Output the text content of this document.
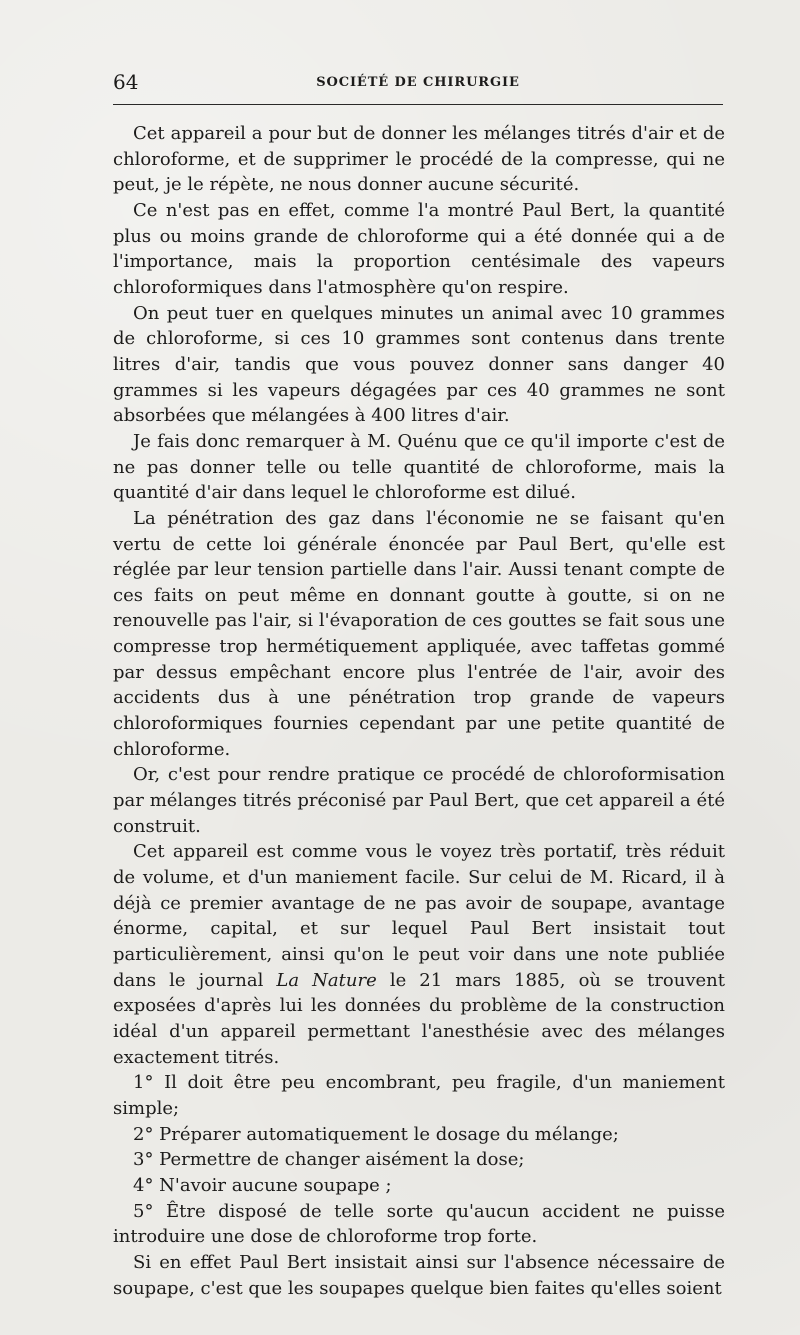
64	SOCIÉTÉ DE CHIRURGIE

Cet appareil a pour but de donner les mélanges titrés d'air et de chloroforme, et de supprimer le procédé de la compresse, qui ne peut, je le répète, ne nous donner aucune sécurité.

Ce n'est pas en effet, comme l'a montré Paul Bert, la quantité plus ou moins grande de chloroforme qui a été donnée qui a de l'importance, mais la proportion centésimale des vapeurs chloroformiques dans l'atmosphère qu'on respire.

On peut tuer en quelques minutes un animal avec 10 grammes de chloroforme, si ces 10 grammes sont contenus dans trente litres d'air, tandis que vous pouvez donner sans danger 40 grammes si les vapeurs dégagées par ces 40 grammes ne sont absorbées que mélangées à 400 litres d'air.

Je fais donc remarquer à M. Quénu que ce qu'il importe c'est de ne pas donner telle ou telle quantité de chloroforme, mais la quantité d'air dans lequel le chloroforme est dilué.

La pénétration des gaz dans l'économie ne se faisant qu'en vertu de cette loi générale énoncée par Paul Bert, qu'elle est réglée par leur tension partielle dans l'air. Aussi tenant compte de ces faits on peut même en donnant goutte à goutte, si on ne renouvelle pas l'air, si l'évaporation de ces gouttes se fait sous une compresse trop hermétiquement appliquée, avec taffetas gommé par dessus empêchant encore plus l'entrée de l'air, avoir des accidents dus à une pénétration trop grande de vapeurs chloroformiques fournies cependant par une petite quantité de chloroforme.

Or, c'est pour rendre pratique ce procédé de chloroformisation par mélanges titrés préconisé par Paul Bert, que cet appareil a été construit.

Cet appareil est comme vous le voyez très portatif, très réduit de volume, et d'un maniement facile. Sur celui de M. Ricard, il à déjà ce premier avantage de ne pas avoir de soupape, avantage énorme, capital, et sur lequel Paul Bert insistait tout particulièrement, ainsi qu'on le peut voir dans une note publiée dans le journal La Nature le 21 mars 1885, où se trouvent exposées d'après lui les données du problème de la construction idéal d'un appareil permettant l'anesthésie avec des mélanges exactement titrés.

1° Il doit être peu encombrant, peu fragile, d'un maniement simple;

2° Préparer automatiquement le dosage du mélange;

3° Permettre de changer aisément la dose;

4° N'avoir aucune soupape ;

5° Être disposé de telle sorte qu'aucun accident ne puisse introduire une dose de chloroforme trop forte.

Si en effet Paul Bert insistait ainsi sur l'absence nécessaire de soupape, c'est que les soupapes quelque bien faites qu'elles soient
